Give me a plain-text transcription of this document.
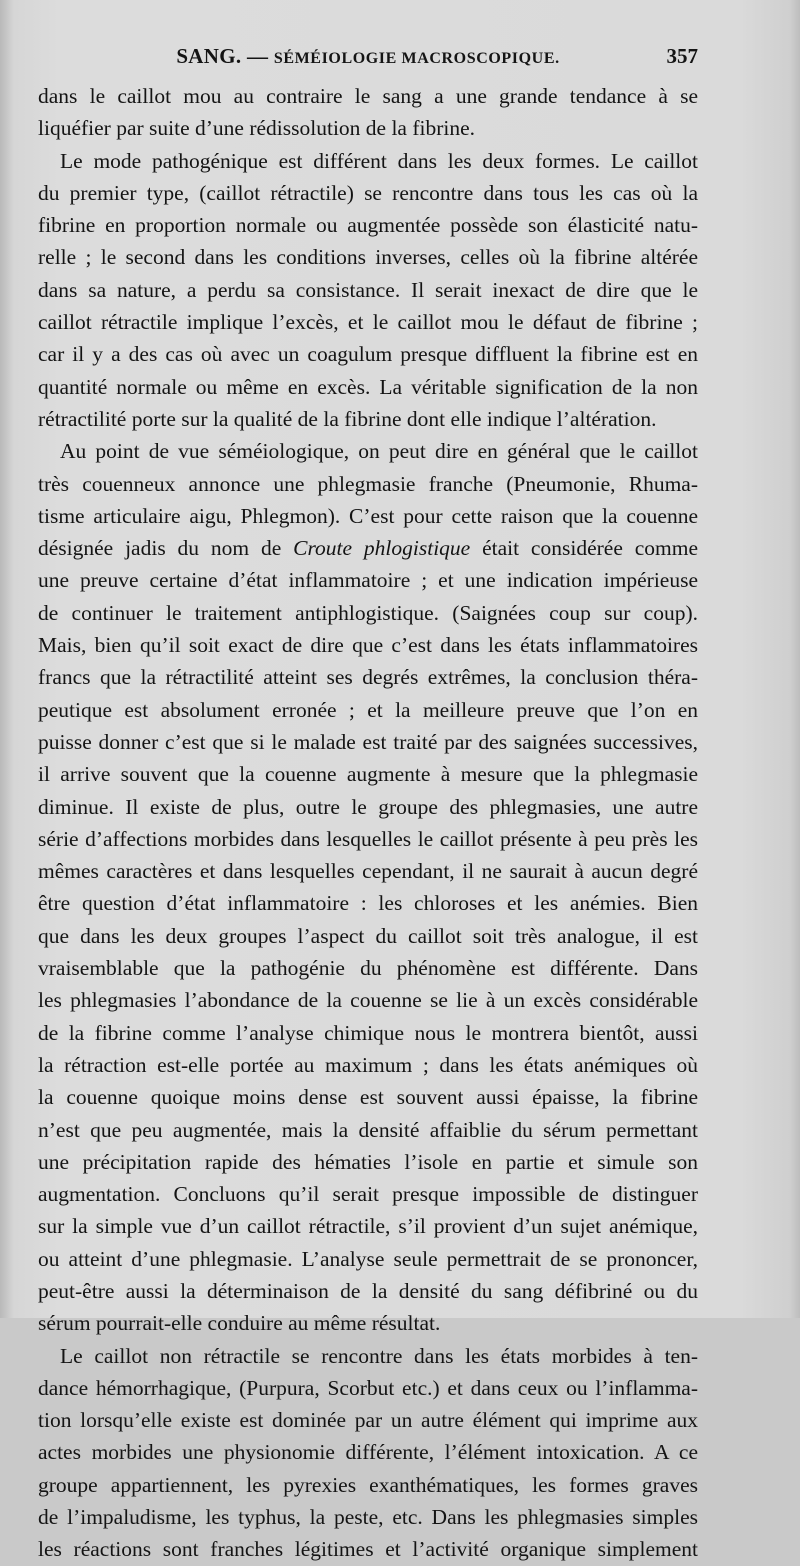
SANG. — SÉMÉIOLOGIE MACROSCOPIQUE.	357
dans le caillot mou au contraire le sang a une grande tendance à se
liquéfier par suite d’une rédissolution de la fibrine.
Le mode pathogénique est différent dans les deux formes. Le caillot
du premier type, (caillot rétractile) se rencontre dans tous les cas où la
fibrine en proportion normale ou augmentée possède son élasticité natu-
relle ; le second dans les conditions inverses, celles où la fibrine altérée
dans sa nature, a perdu sa consistance. Il serait inexact de dire que le
caillot rétractile implique l’excès, et le caillot mou le défaut de fibrine ;
car il y a des cas où avec un coagulum presque diffluent la fibrine est en
quantité normale ou même en excès. La véritable signification de la non
rétractilité porte sur la qualité de la fibrine dont elle indique l’altération.
Au point de vue séméiologique, on peut dire en général que le caillot
très couenneux annonce une phlegmasie franche (Pneumonie, Rhuma-
tisme articulaire aigu, Phlegmon). C’est pour cette raison que la couenne
désignée jadis du nom de Croute phlogistique était considérée comme
une preuve certaine d’état inflammatoire ; et une indication impérieuse
de continuer le traitement antiphlogistique. (Saignées coup sur coup).
Mais, bien qu’il soit exact de dire que c’est dans les états inflammatoires
francs que la rétractilité atteint ses degrés extrêmes, la conclusion théra-
peutique est absolument erronée ; et la meilleure preuve que l’on en
puisse donner c’est que si le malade est traité par des saignées successives,
il arrive souvent que la couenne augmente à mesure que la phlegmasie
diminue. Il existe de plus, outre le groupe des phlegmasies, une autre
série d’affections morbides dans lesquelles le caillot présente à peu près les
mêmes caractères et dans lesquelles cependant, il ne saurait à aucun degré
être question d’état inflammatoire : les chloroses et les anémies. Bien
que dans les deux groupes l’aspect du caillot soit très analogue, il est
vraisemblable que la pathogénie du phénomène est différente. Dans
les phlegmasies l’abondance de la couenne se lie à un excès considérable
de la fibrine comme l’analyse chimique nous le montrera bientôt, aussi
la rétraction est-elle portée au maximum ; dans les états anémiques où
la couenne quoique moins dense est souvent aussi épaisse, la fibrine
n’est que peu augmentée, mais la densité affaiblie du sérum permettant
une précipitation rapide des hématies l’isole en partie et simule son
augmentation. Concluons qu’il serait presque impossible de distinguer
sur la simple vue d’un caillot rétractile, s’il provient d’un sujet anémique,
ou atteint d’une phlegmasie. L’analyse seule permettrait de se prononcer,
peut-être aussi la déterminaison de la densité du sang défibriné ou du
sérum pourrait-elle conduire au même résultat.
Le caillot non rétractile se rencontre dans les états morbides à ten-
dance hémorrhagique, (Purpura, Scorbut etc.) et dans ceux ou l’inflamma-
tion lorsqu’elle existe est dominée par un autre élément qui imprime aux
actes morbides une physionomie différente, l’élément intoxication. A ce
groupe appartiennent, les pyrexies exanthématiques, les formes graves
de l’impaludisme, les typhus, la peste, etc. Dans les phlegmasies simples
les réactions sont franches légitimes et l’activité organique simplement
